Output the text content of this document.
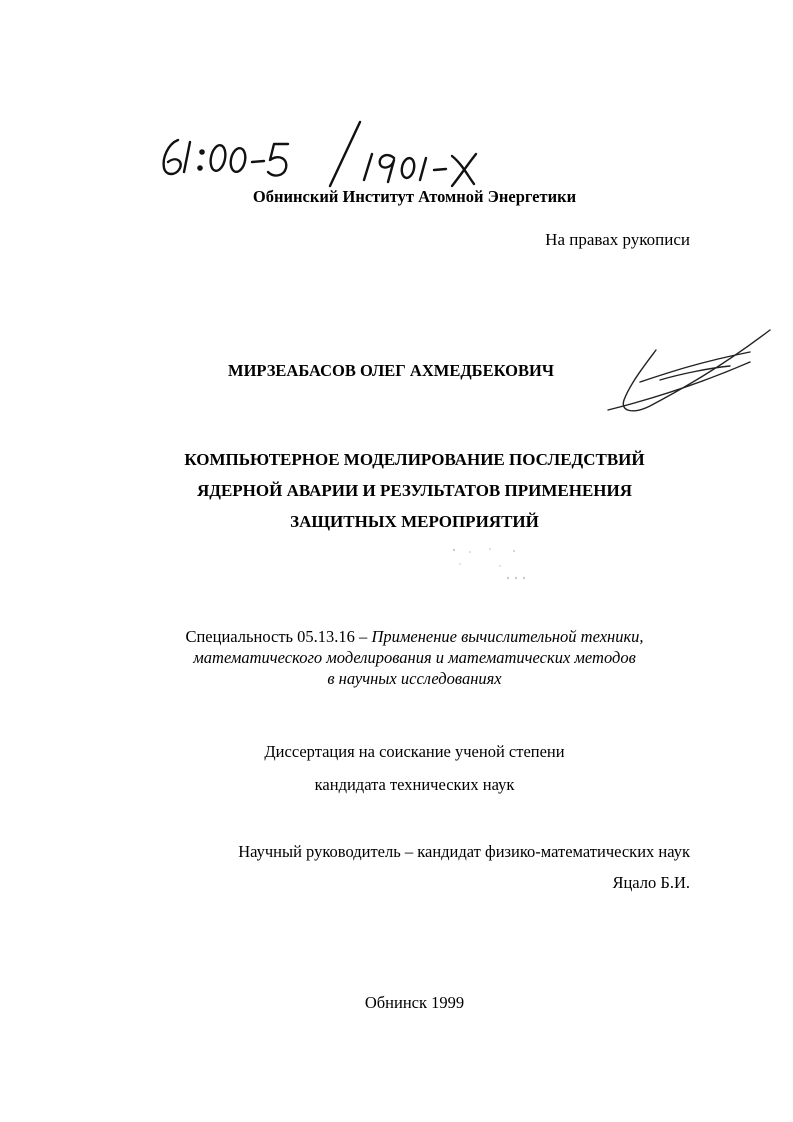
Обнинский Институт Атомной Энергетики
На правах рукописи
МИРЗЕАБАСОВ ОЛЕГ АХМЕДБЕКОВИЧ
КОМПЬЮТЕРНОЕ МОДЕЛИРОВАНИЕ ПОСЛЕДСТВИЙ
ЯДЕРНОЙ АВАРИИ И РЕЗУЛЬТАТОВ ПРИМЕНЕНИЯ
ЗАЩИТНЫХ МЕРОПРИЯТИЙ
Специальность 05.13.16 – Применение вычислительной техники,
математического моделирования и математических методов
в научных исследованиях
Диссертация на соискание ученой степени
кандидата технических наук
Научный руководитель – кандидат физико-математических наук
Яцало Б.И.
Обнинск 1999
